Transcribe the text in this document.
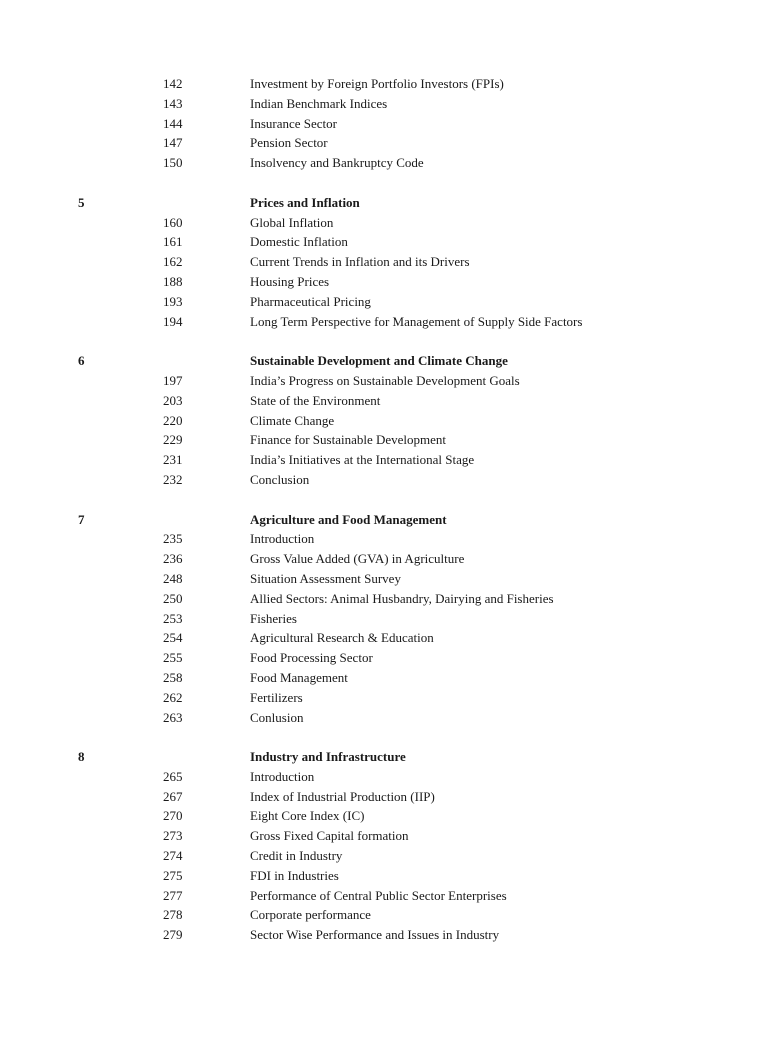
142	Investment by Foreign Portfolio Investors (FPIs)
143	Indian Benchmark Indices
144	Insurance Sector
147	Pension Sector
150	Insolvency and Bankruptcy Code
5	Prices and Inflation
160	Global Inflation
161	Domestic Inflation
162	Current Trends in Inflation and its Drivers
188	Housing Prices
193	Pharmaceutical Pricing
194	Long Term Perspective for Management of Supply Side Factors
6	Sustainable Development and Climate Change
197	India’s Progress on Sustainable Development Goals
203	State of the Environment
220	Climate Change
229	Finance for Sustainable Development
231	India’s Initiatives at the International Stage
232	Conclusion
7	Agriculture and Food Management
235	Introduction
236	Gross Value Added (GVA) in Agriculture
248	Situation Assessment Survey
250	Allied Sectors: Animal Husbandry, Dairying and Fisheries
253	Fisheries
254	Agricultural Research & Education
255	Food Processing Sector
258	Food Management
262	Fertilizers
263	Conlusion
8	Industry and Infrastructure
265	Introduction
267	Index of Industrial Production (IIP)
270	Eight Core Index (IC)
273	Gross Fixed Capital formation
274	Credit in Industry
275	FDI in Industries
277	Performance of Central Public Sector Enterprises
278	Corporate performance
279	Sector Wise Performance and Issues in Industry
